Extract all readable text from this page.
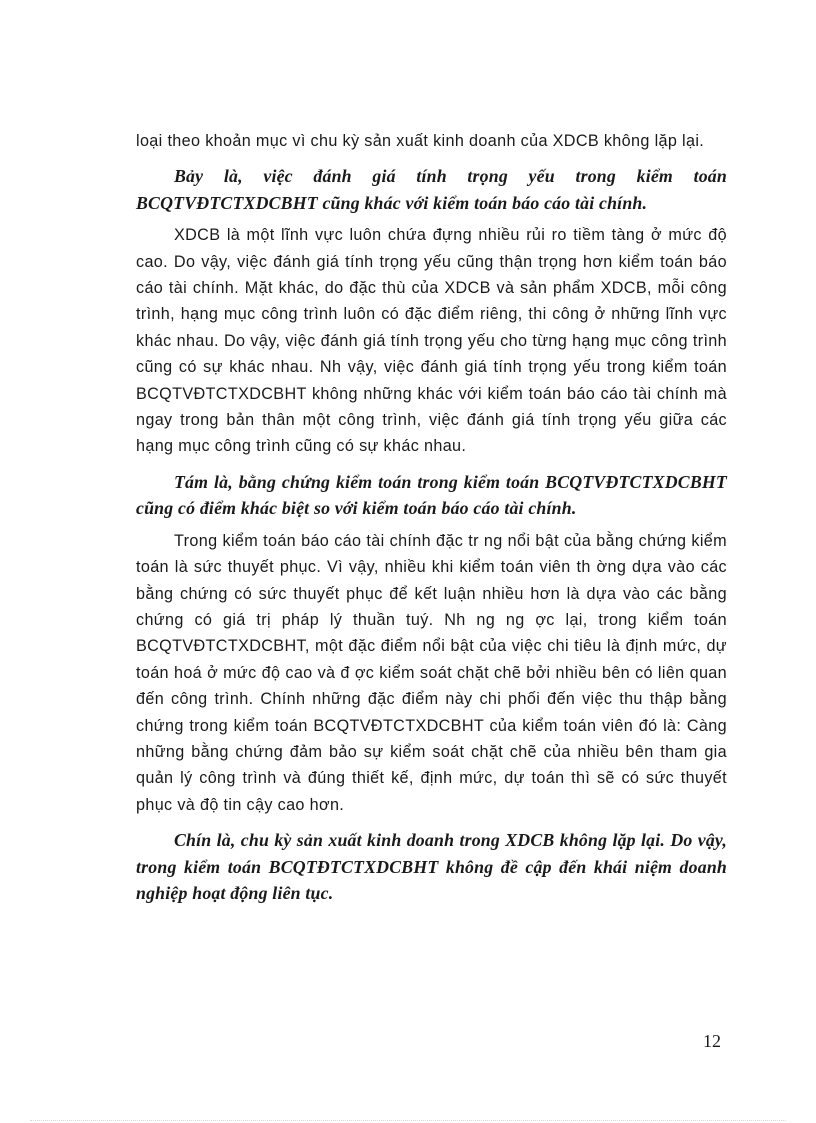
loại theo khoản mục vì chu kỳ sản xuất kinh doanh của XDCB không lặp lại.

Bảy là, việc đánh giá tính trọng yếu trong kiểm toán BCQTVĐTCTXDCBHT cũng khác với kiểm toán báo cáo tài chính.

XDCB là một lĩnh vực luôn chứa đựng nhiều rủi ro tiềm tàng ở mức độ cao. Do vậy, việc đánh giá tính trọng yếu cũng thận trọng hơn kiểm toán báo cáo tài chính. Mặt khác, do đặc thù của XDCB và sản phẩm XDCB, mỗi công trình, hạng mục công trình luôn có đặc điểm riêng, thi công ở những lĩnh vực khác nhau. Do vậy, việc đánh giá tính trọng yếu cho từng hạng mục công trình cũng có sự khác nhau. Nh vậy, việc đánh giá tính trọng yếu trong kiểm toán BCQTVĐTCTXDCBHT không những khác với kiểm toán báo cáo tài chính mà ngay trong bản thân một công trình, việc đánh giá tính trọng yếu giữa các hạng mục công trình cũng có sự khác nhau.

Tám là, bằng chứng kiểm toán trong kiểm toán BCQTVĐTCTXDCBHT cũng có điểm khác biệt so với kiểm toán báo cáo tài chính.

Trong kiểm toán báo cáo tài chính đặc tr ng nổi bật của bằng chứng kiểm toán là sức thuyết phục. Vì vậy, nhiều khi kiểm toán viên th ờng dựa vào các bằng chứng có sức thuyết phục để kết luận nhiều hơn là dựa vào các bằng chứng có giá trị pháp lý thuần tuý. Nh ng ng ợc lại, trong kiểm toán BCQTVĐTCTXDCBHT, một đặc điểm nổi bật của việc chi tiêu là định mức, dự toán hoá ở mức độ cao và đ ợc kiểm soát chặt chẽ bởi nhiều bên có liên quan đến công trình. Chính những đặc điểm này chi phối đến việc thu thập bằng chứng trong kiểm toán BCQTVĐTCTXDCBHT của kiểm toán viên đó là: Càng những bằng chứng đảm bảo sự kiểm soát chặt chẽ của nhiều bên tham gia quản lý công trình và đúng thiết kế, định mức, dự toán thì sẽ có sức thuyết phục và độ tin cậy cao hơn.

Chín là, chu kỳ sản xuất kinh doanh trong XDCB không lặp lại. Do vậy, trong kiểm toán BCQTĐTCTXDCBHT không đề cập đến khái niệm doanh nghiệp hoạt động liên tục.

12
